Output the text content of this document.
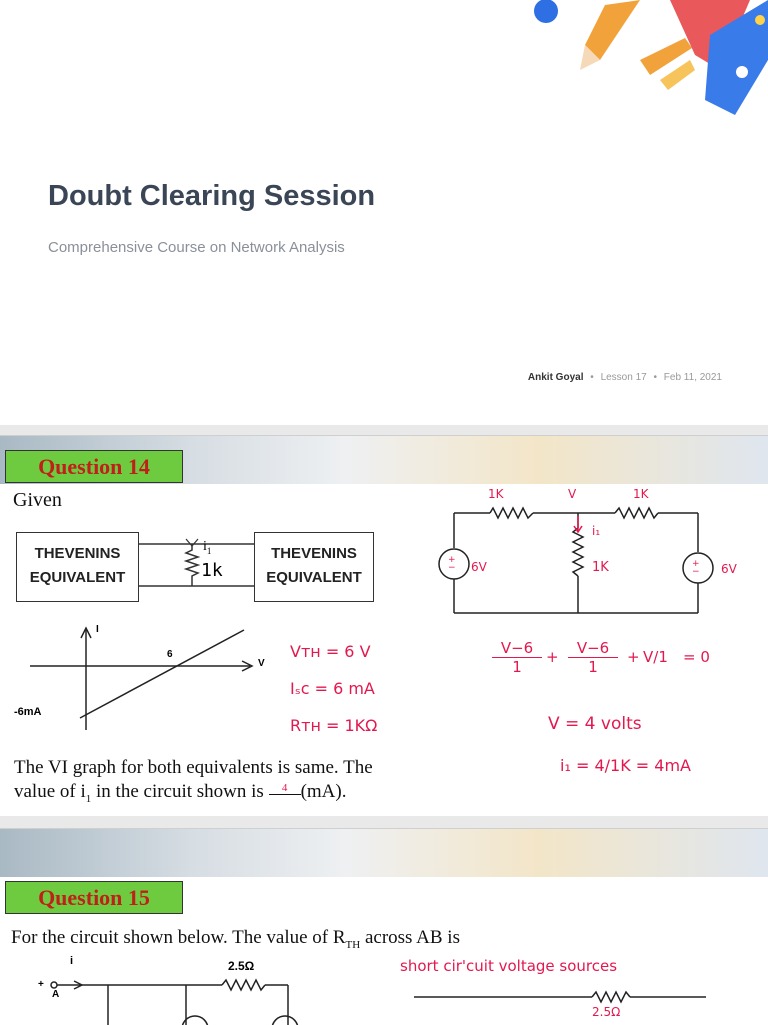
Doubt Clearing Session
Comprehensive Course on Network Analysis
Ankit Goyal • Lesson 17 • Feb 11, 2021
Question 14
Given
THEVENINS
EQUIVALENT
THEVENINS
EQUIVALENT
$i_1$
1k
I
V
6
-6mA
Vᴛʜ = 6 V
Iₛᴄ = 6 mA
Rᴛʜ = 1KΩ
The VI graph for both equivalents is same. The
value of $i_1$ in the circuit shown is 4 (mA).
1K	V	1K
i₁
1K
+
−	+
−
6V	6V
V−6
1
+	V−6
1
+ V/1 = 0
V = 4 volts
i₁ = 4/1K = 4mA
Question 15
For the circuit shown below. The value of $R_{TH}$ across AB is
i
+
A
2.5Ω	short cir'cuit voltage sources
2.5Ω
